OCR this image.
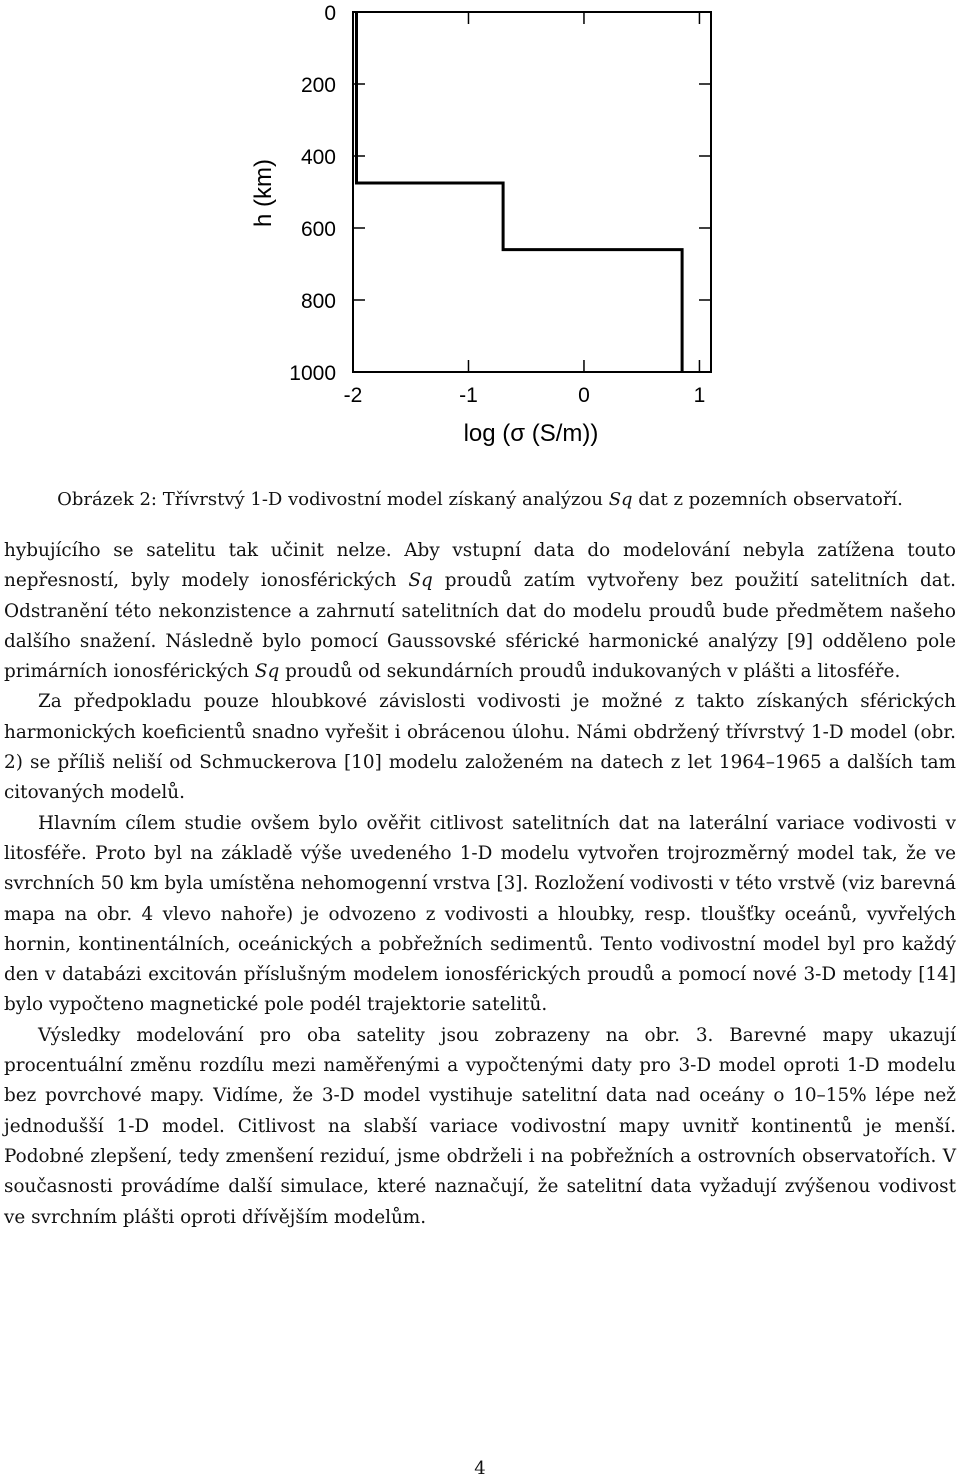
0
200
400
600
800
1000
-2	-1	0	1
h (km)
log (σ (S/m))
Obrázek 2: Třívrstvý 1-D vodivostní model získaný analýzou Sq dat z pozemních observatoří.

hybujícího se satelitu tak učinit nelze. Aby vstupní data do modelování nebyla zatížena touto nepřesností, byly modely ionosférických Sq proudů zatím vytvořeny bez použití satelitních dat. Odstranění této nekonzistence a zahrnutí satelitních dat do modelu proudů bude předmětem našeho dalšího snažení. Následně bylo pomocí Gaussovské sférické harmonické analýzy [9] odděleno pole primárních ionosférických Sq proudů od sekundárních proudů indukovaných v plášti a litosféře.

Za předpokladu pouze hloubkové závislosti vodivosti je možné z takto získaných sférických harmonických koeficientů snadno vyřešit i obrácenou úlohu. Námi obdržený třívrstvý 1-D model (obr. 2) se příliš neliší od Schmuckerova [10] modelu založeném na datech z let 1964–1965 a dalších tam citovaných modelů.

Hlavním cílem studie ovšem bylo ověřit citlivost satelitních dat na laterální variace vodivosti v litosféře. Proto byl na základě výše uvedeného 1-D modelu vytvořen trojrozměrný model tak, že ve svrchních 50 km byla umístěna nehomogenní vrstva [3]. Rozložení vodivosti v této vrstvě (viz barevná mapa na obr. 4 vlevo nahoře) je odvozeno z vodivosti a hloubky, resp. tloušťky oceánů, vyvřelých hornin, kontinentálních, oceánických a pobřežních sedimentů. Tento vodivostní model byl pro každý den v databázi excitován příslušným modelem ionosférických proudů a pomocí nové 3-D metody [14] bylo vypočteno magnetické pole podél trajektorie satelitů.

Výsledky modelování pro oba satelity jsou zobrazeny na obr. 3. Barevné mapy ukazují procentuální změnu rozdílu mezi naměřenými a vypočtenými daty pro 3-D model oproti 1-D modelu bez povrchové mapy. Vidíme, že 3-D model vystihuje satelitní data nad oceány o 10–15% lépe než jednodušší 1-D model. Citlivost na slabší variace vodivostní mapy uvnitř kontinentů je menší. Podobné zlepšení, tedy zmenšení reziduí, jsme obdrželi i na pobřežních a ostrovních observatořích. V současnosti provádíme další simulace, které naznačují, že satelitní data vyžadují zvýšenou vodivost ve svrchním plášti oproti dřívějším modelům.

4
